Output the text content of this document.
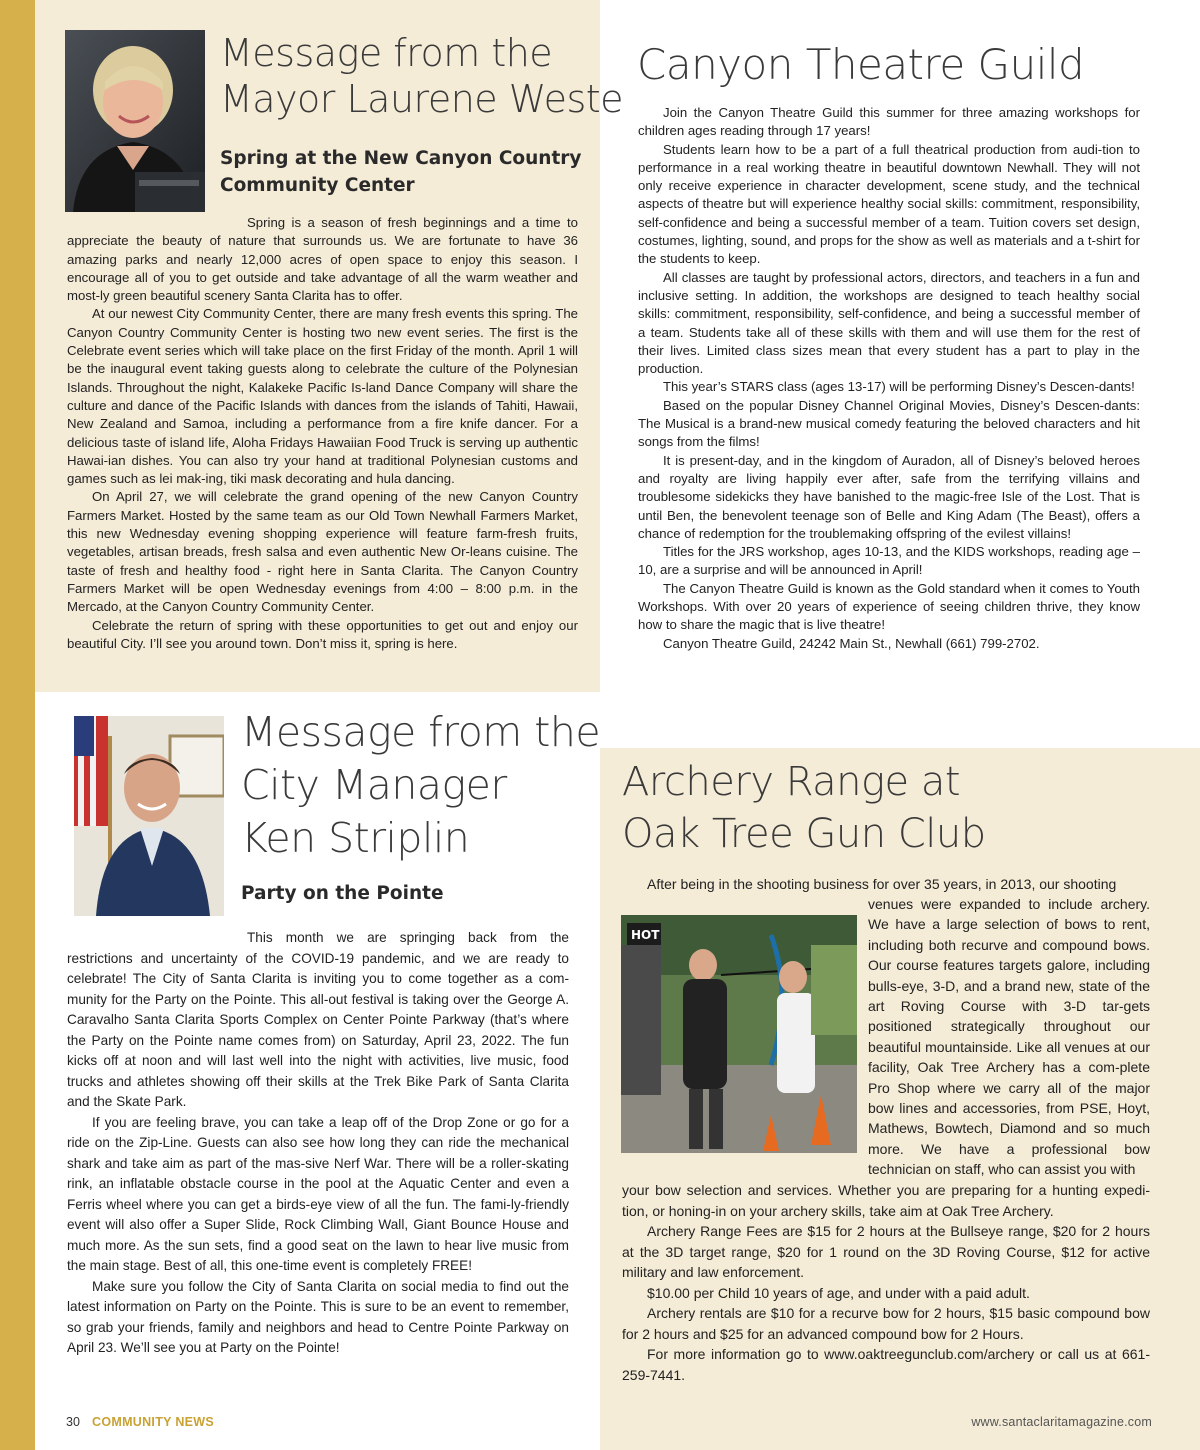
Message from the
Mayor Laurene Weste
Spring at the New Canyon Country
Community Center

Spring is a season of fresh beginnings and a time to appreciate the beauty of nature that surrounds us. We are fortunate to have 36 amazing parks and nearly 12,000 acres of open space to enjoy this season. I encourage all of you to get outside and take advantage of all the warm weather and most-ly green beautiful scenery Santa Clarita has to offer.

At our newest City Community Center, there are many fresh events this spring. The Canyon Country Community Center is hosting two new event series. The first is the Celebrate event series which will take place on the first Friday of the month. April 1 will be the inaugural event taking guests along to celebrate the culture of the Polynesian Islands. Throughout the night, Kalakeke Pacific Is-land Dance Company will share the culture and dance of the Pacific Islands with dances from the islands of Tahiti, Hawaii, New Zealand and Samoa, including a performance from a fire knife dancer. For a delicious taste of island life, Aloha Fridays Hawaiian Food Truck is serving up authentic Hawai-ian dishes. You can also try your hand at traditional Polynesian customs and games such as lei mak-ing, tiki mask decorating and hula dancing.

On April 27, we will celebrate the grand opening of the new Canyon Country Farmers Market. Hosted by the same team as our Old Town Newhall Farmers Market, this new Wednesday evening shopping experience will feature farm-fresh fruits, vegetables, artisan breads, fresh salsa and even authentic New Or-leans cuisine. The taste of fresh and healthy food - right here in Santa Clarita. The Canyon Country Farmers Market will be open Wednesday evenings from 4:00 – 8:00 p.m. in the Mercado, at the Canyon Country Community Center.

Celebrate the return of spring with these opportunities to get out and enjoy our beautiful City. I’ll see you around town. Don’t miss it, spring is here.

Canyon Theatre Guild

Join the Canyon Theatre Guild this summer for three amazing workshops for children ages reading through 17 years!

Students learn how to be a part of a full theatrical production from audi-tion to performance in a real working theatre in beautiful downtown Newhall. They will not only receive experience in character development, scene study, and the technical aspects of theatre but will experience healthy social skills: commitment, responsibility, self-confidence and being a successful member of a team. Tuition covers set design, costumes, lighting, sound, and props for the show as well as materials and a t-shirt for the students to keep.

All classes are taught by professional actors, directors, and teachers in a fun and inclusive setting. In addition, the workshops are designed to teach healthy social skills: commitment, responsibility, self-confidence, and being a successful member of a team. Students take all of these skills with them and will use them for the rest of their lives. Limited class sizes mean that every student has a part to play in the production.

This year’s STARS class (ages 13-17) will be performing Disney’s Descen-dants!

Based on the popular Disney Channel Original Movies, Disney’s Descen-dants: The Musical is a brand-new musical comedy featuring the beloved characters and hit songs from the films!

It is present-day, and in the kingdom of Auradon, all of Disney’s beloved heroes and royalty are living happily ever after, safe from the terrifying villains and troublesome sidekicks they have banished to the magic-free Isle of the Lost. That is until Ben, the benevolent teenage son of Belle and King Adam (The Beast), offers a chance of redemption for the troublemaking offspring of the evilest villains!

Titles for the JRS workshop, ages 10-13, and the KIDS workshops, reading age – 10, are a surprise and will be announced in April!

The Canyon Theatre Guild is known as the Gold standard when it comes to Youth Workshops. With over 20 years of experience of seeing children thrive, they know how to share the magic that is live theatre!

Canyon Theatre Guild, 24242 Main St., Newhall (661) 799-2702.

Message from the
City Manager
Ken Striplin
Party on the Pointe

This month we are springing back from the restrictions and uncertainty of the COVID-19 pandemic, and we are ready to celebrate! The City of Santa Clarita is inviting you to come together as a com-munity for the Party on the Pointe. This all-out festival is taking over the George A. Caravalho Santa Clarita Sports Complex on Center Pointe Parkway (that’s where the Party on the Pointe name comes from) on Saturday, April 23, 2022. The fun kicks off at noon and will last well into the night with activities, live music, food trucks and athletes showing off their skills at the Trek Bike Park of Santa Clarita and the Skate Park.

If you are feeling brave, you can take a leap off of the Drop Zone or go for a ride on the Zip-Line. Guests can also see how long they can ride the mechanical shark and take aim as part of the mas-sive Nerf War. There will be a roller-skating rink, an inflatable obstacle course in the pool at the Aquatic Center and even a Ferris wheel where you can get a birds-eye view of all the fun. The fami-ly-friendly event will also offer a Super Slide, Rock Climbing Wall, Giant Bounce House and much more. As the sun sets, find a good seat on the lawn to hear live music from the main stage. Best of all, this one-time event is completely FREE!

Make sure you follow the City of Santa Clarita on social media to find out the latest information on Party on the Pointe. This is sure to be an event to remember, so grab your friends, family and neighbors and head to Centre Pointe Parkway on April 23. We’ll see you at Party on the Pointe!

Archery Range at
Oak Tree Gun Club

After being in the shooting business for over 35 years, in 2013, our shooting

HOT

venues were expanded to include archery. We have a large selection of bows to rent, including both recurve and compound bows. Our course features targets galore, including bulls-eye, 3-D, and a brand new, state of the art Roving Course with 3-D tar-gets positioned strategically throughout our beautiful mountainside. Like all venues at our facility, Oak Tree Archery has a com-plete Pro Shop where we carry all of the major bow lines and accessories, from PSE, Hoyt, Mathews, Bowtech, Diamond and so much more. We have a professional bow technician on staff, who can assist you with

your bow selection and services. Whether you are preparing for a hunting expedi-tion, or honing-in on your archery skills, take aim at Oak Tree Archery.

Archery Range Fees are $15 for 2 hours at the Bullseye range, $20 for 2 hours at the 3D target range, $20 for 1 round on the 3D Roving Course, $12 for active military and law enforcement.

$10.00 per Child 10 years of age, and under with a paid adult.

Archery rentals are $10 for a recurve bow for 2 hours, $15 basic compound bow for 2 hours and $25 for an advanced compound bow for 2 Hours.

For more information go to www.oaktreegunclub.com/archery or call us at 661-259-7441.

30 COMMUNITY NEWS	www.santaclaritamagazine.com
